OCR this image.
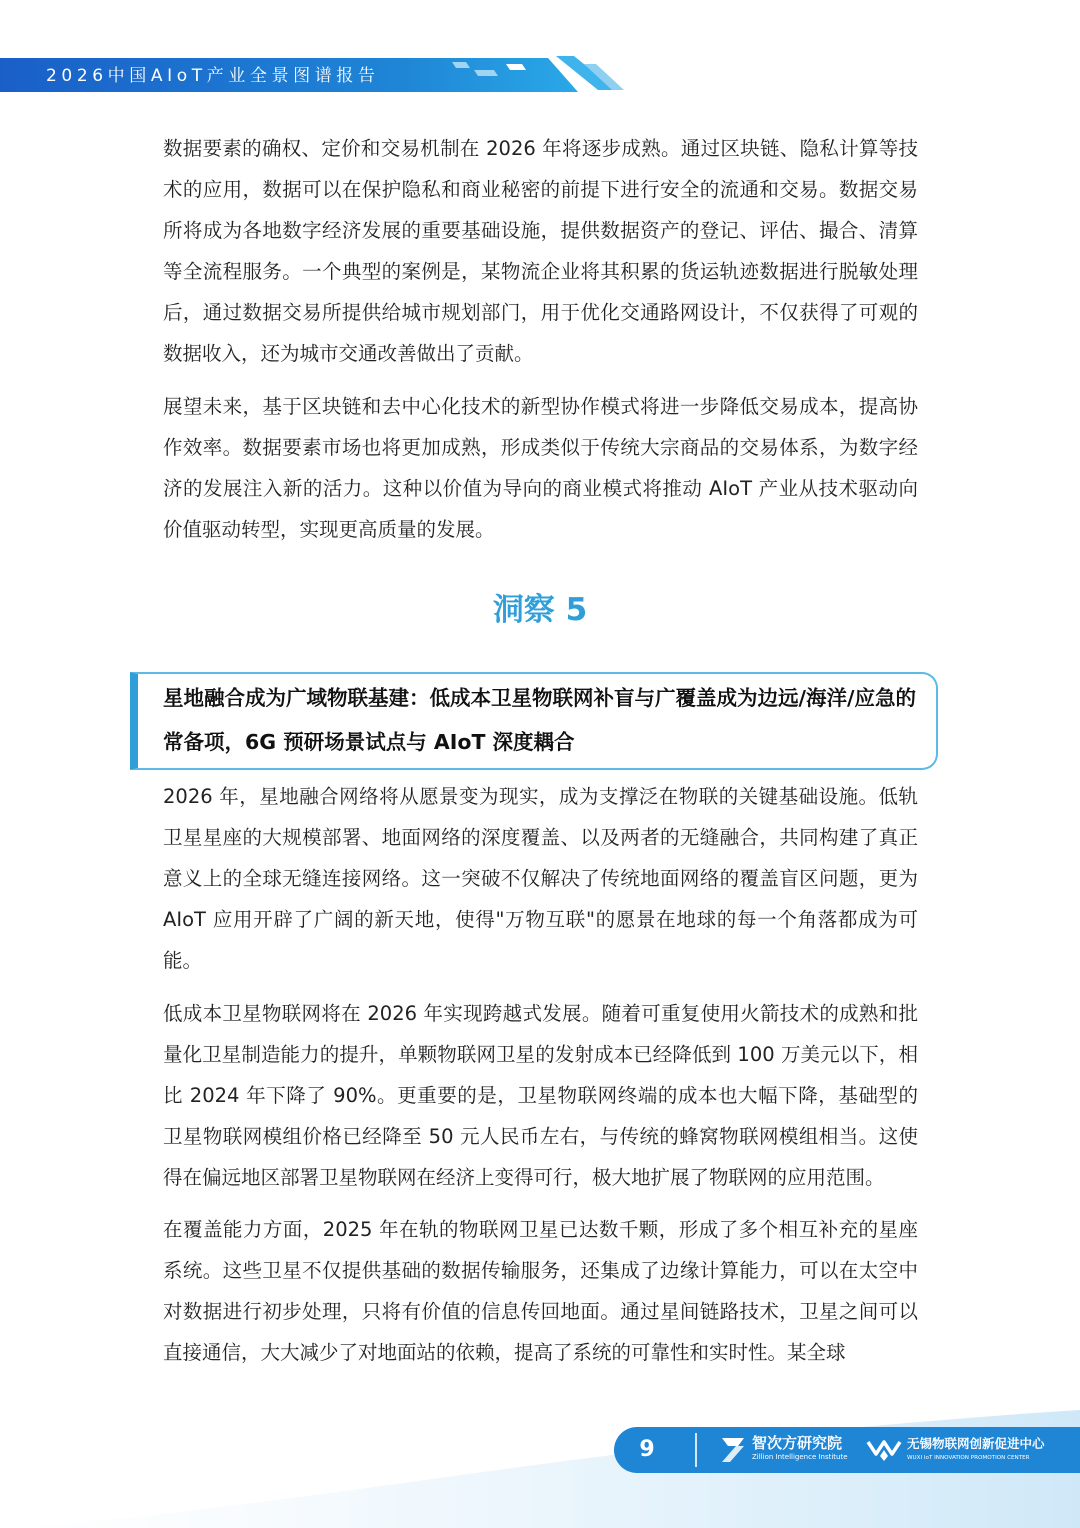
2026中国AIoT产业全景图谱报告

数据要素的确权、定价和交易机制在 2026 年将逐步成熟。通过区块链、隐私计算等技术的应用，数据可以在保护隐私和商业秘密的前提下进行安全的流通和交易。数据交易所将成为各地数字经济发展的重要基础设施，提供数据资产的登记、评估、撮合、清算等全流程服务。一个典型的案例是，某物流企业将其积累的货运轨迹数据进行脱敏处理后，通过数据交易所提供给城市规划部门，用于优化交通路网设计，不仅获得了可观的数据收入，还为城市交通改善做出了贡献。

展望未来，基于区块链和去中心化技术的新型协作模式将进一步降低交易成本，提高协作效率。数据要素市场也将更加成熟，形成类似于传统大宗商品的交易体系，为数字经济的发展注入新的活力。这种以价值为导向的商业模式将推动 AIoT 产业从技术驱动向价值驱动转型，实现更高质量的发展。

洞察 5

星地融合成为广域物联基建：低成本卫星物联网补盲与广覆盖成为边远/海洋/应急的常备项，6G 预研场景试点与 AIoT 深度耦合

2026 年，星地融合网络将从愿景变为现实，成为支撑泛在物联的关键基础设施。低轨卫星星座的大规模部署、地面网络的深度覆盖、以及两者的无缝融合，共同构建了真正意义上的全球无缝连接网络。这一突破不仅解决了传统地面网络的覆盖盲区问题，更为 AIoT 应用开辟了广阔的新天地，使得"万物互联"的愿景在地球的每一个角落都成为可能。

低成本卫星物联网将在 2026 年实现跨越式发展。随着可重复使用火箭技术的成熟和批量化卫星制造能力的提升，单颗物联网卫星的发射成本已经降低到 100 万美元以下，相比 2024 年下降了 90%。更重要的是，卫星物联网终端的成本也大幅下降，基础型的卫星物联网模组价格已经降至 50 元人民币左右，与传统的蜂窝物联网模组相当。这使得在偏远地区部署卫星物联网在经济上变得可行，极大地扩展了物联网的应用范围。

在覆盖能力方面，2025 年在轨的物联网卫星已达数千颗，形成了多个相互补充的星座系统。这些卫星不仅提供基础的数据传输服务，还集成了边缘计算能力，可以在太空中对数据进行初步处理，只将有价值的信息传回地面。通过星间链路技术，卫星之间可以直接通信，大大减少了对地面站的依赖，提高了系统的可靠性和实时性。某全球

9	智次方研究院
Zillion Intelligence Institute
无锡物联网创新促进中心
WUXI IoT INNOVATION PROMOTION CENTER
